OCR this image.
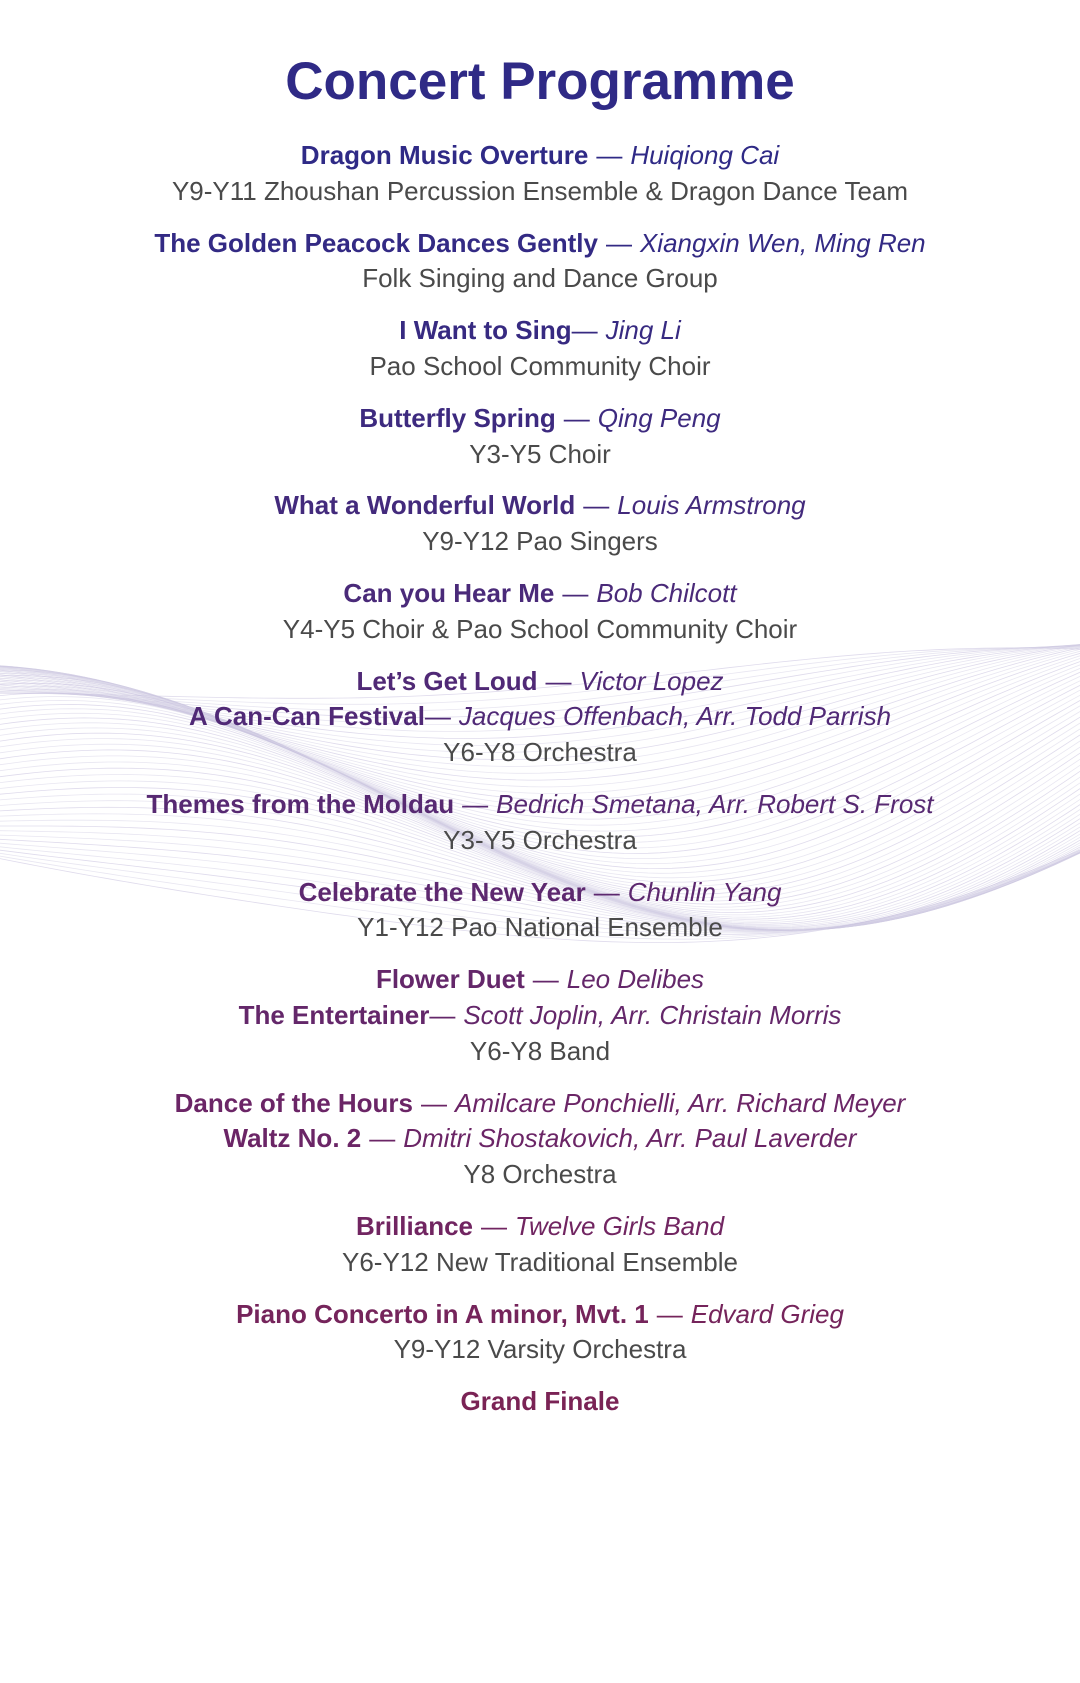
Concert Programme
Dragon Music Overture — Huiqiong Cai
Y9-Y11 Zhoushan Percussion Ensemble & Dragon Dance Team
The Golden Peacock Dances Gently — Xiangxin Wen, Ming Ren
Folk Singing and Dance Group
I Want to Sing— Jing Li
Pao School Community Choir
Butterfly Spring — Qing Peng
Y3-Y5 Choir
What a Wonderful World — Louis Armstrong
Y9-Y12 Pao Singers
Can you Hear Me — Bob Chilcott
Y4-Y5 Choir & Pao School Community Choir
Let’s Get Loud — Victor Lopez
A Can-Can Festival— Jacques Offenbach, Arr. Todd Parrish
Y6-Y8 Orchestra
Themes from the Moldau — Bedrich Smetana, Arr. Robert S. Frost
Y3-Y5 Orchestra
Celebrate the New Year — Chunlin Yang
Y1-Y12 Pao National Ensemble
Flower Duet — Leo Delibes
The Entertainer— Scott Joplin, Arr. Christain Morris
Y6-Y8 Band
Dance of the Hours — Amilcare Ponchielli, Arr. Richard Meyer
Waltz No. 2 — Dmitri Shostakovich, Arr. Paul Laverder
Y8 Orchestra
Brilliance — Twelve Girls Band
Y6-Y12 New Traditional Ensemble
Piano Concerto in A minor, Mvt. 1 — Edvard Grieg
Y9-Y12 Varsity Orchestra
Grand Finale
